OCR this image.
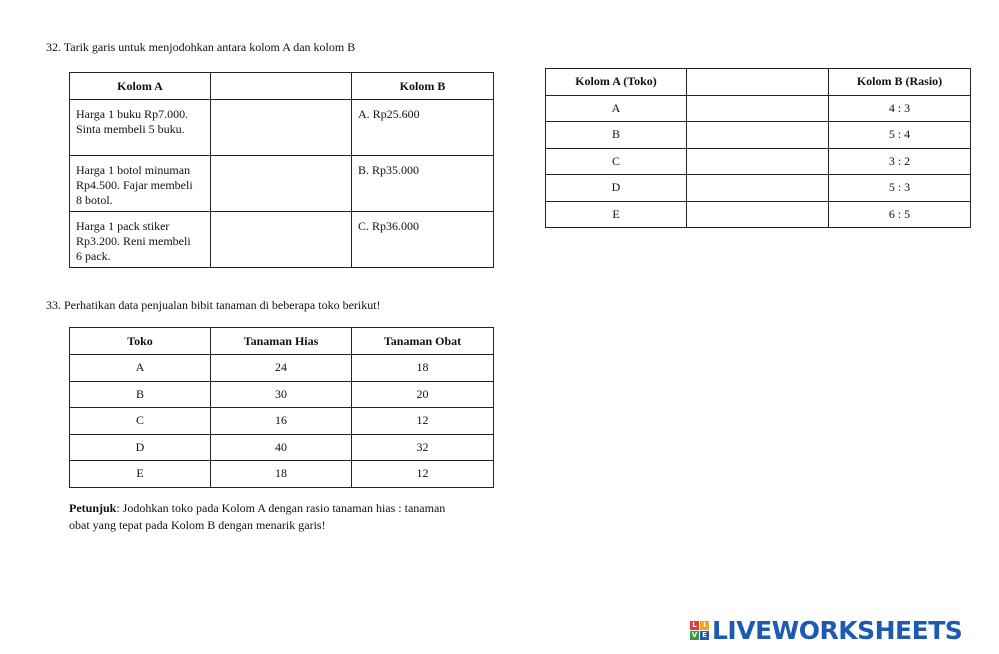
32. Tarik garis untuk menjodohkan antara kolom A dan kolom B
Kolom A		Kolom B

Harga 1 buku Rp7.000.
Sinta membeli 5 buku.		A. Rp25.600

Harga 1 botol minuman
Rp4.500. Fajar membeli
8 botol.		B. Rp35.000

Harga 1 pack stiker
Rp3.200. Reni membeli
6 pack.		C. Rp36.000
Kolom A (Toko)		Kolom B (Rasio)
A		4 : 3
B		5 : 4
C		3 : 2
D		5 : 3
E		6 : 5
33. Perhatikan data penjualan bibit tanaman di beberapa toko berikut!
Toko	Tanaman Hias	Tanaman Obat
A	24	18
B	30	20
C	16	12
D	40	32
E	18	12
Petunjuk: Jodohkan toko pada Kolom A dengan rasio tanaman hias : tanaman
obat yang tepat pada Kolom B dengan menarik garis!
L I
V E LIVEWORKSHEETS
